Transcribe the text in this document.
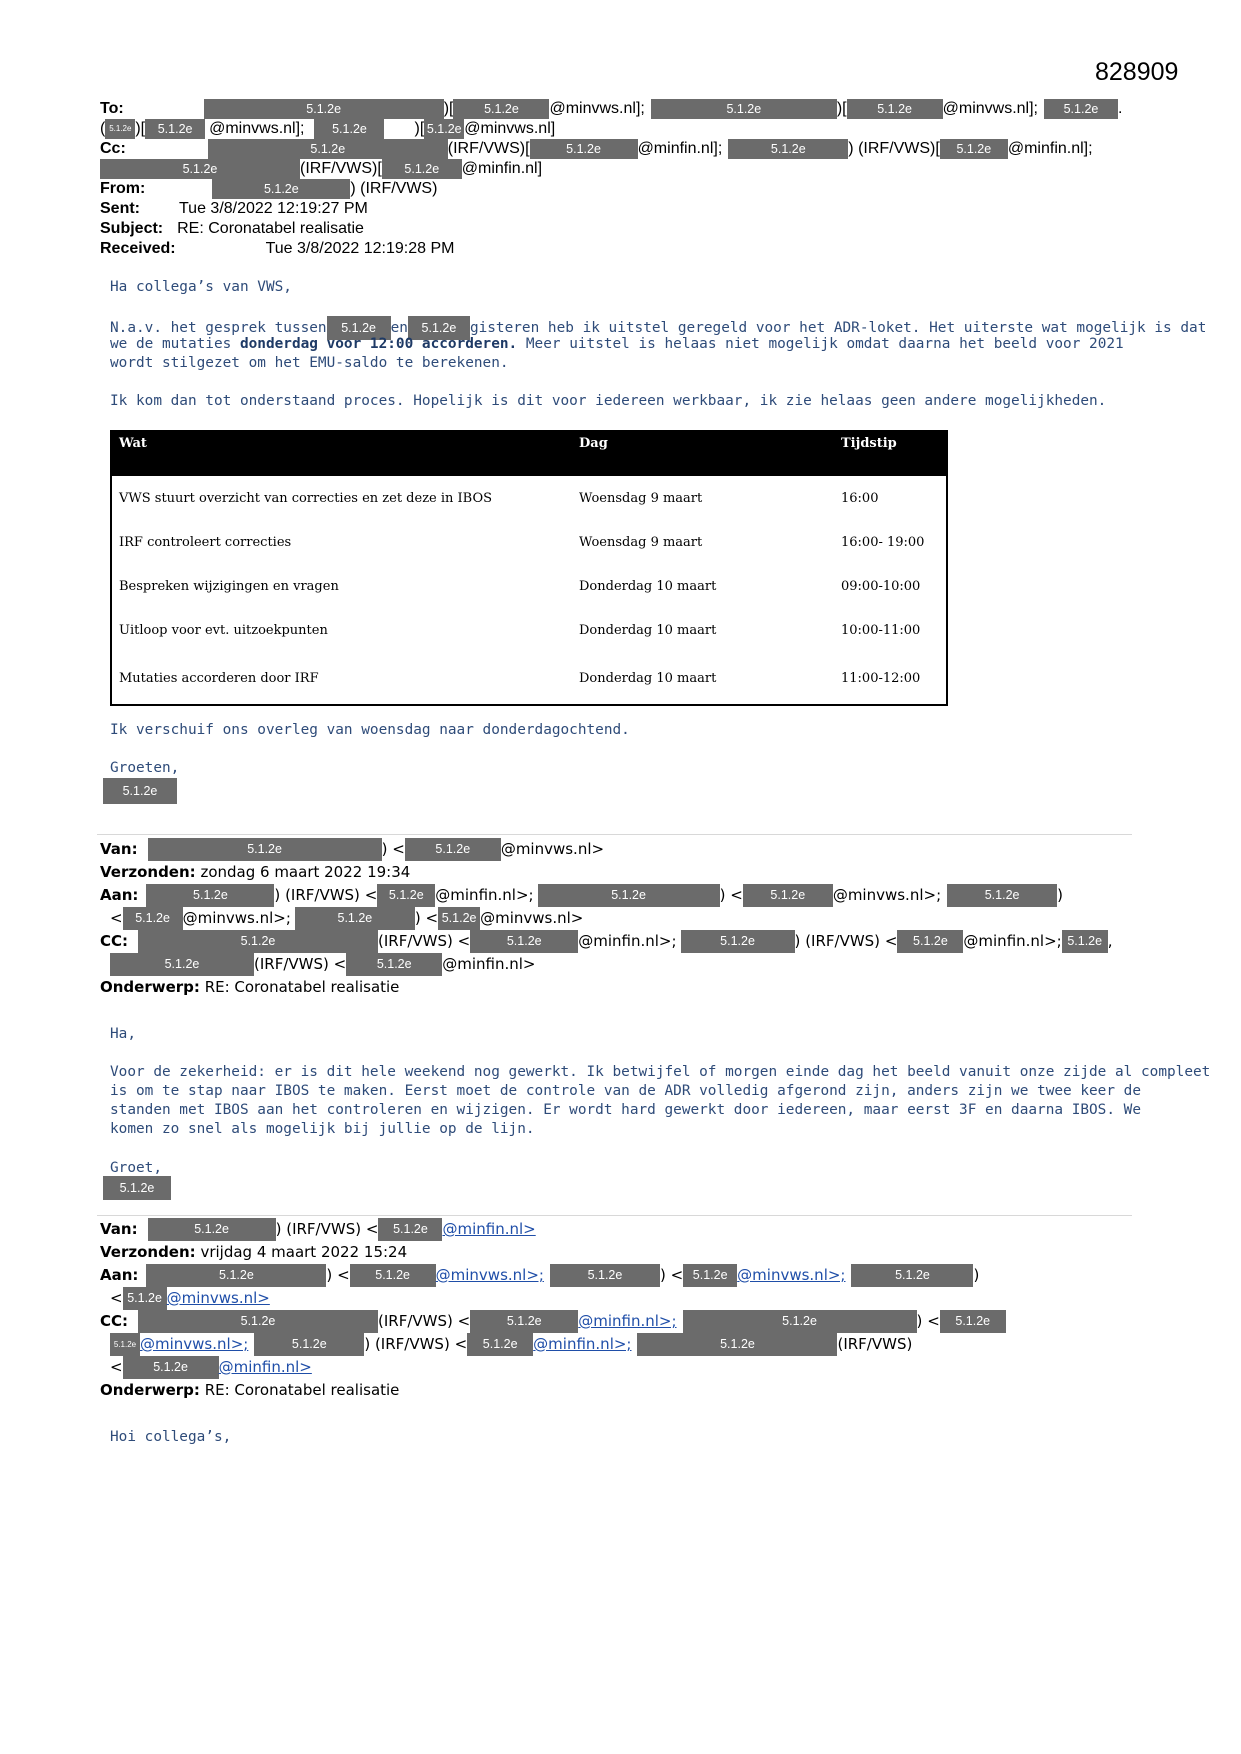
828909
To:	5.1.2e	)[ 5.1.2e @minvws.nl];	5.1.2e	)[ 5.1.2e @minvws.nl]; 5.1.2e .
( 5.1.2e )[ 5.1.2e @minvws.nl]; 5.1.2e	)[ 5.1.2e @minvws.nl]
Cc:	5.1.2e	(IRF/VWS)[	5.1.2e @minfin.nl];	5.1.2e	) (IRF/VWS)[ 5.1.2e @minfin.nl];
5.1.2e	(IRF/VWS)[ 5.1.2e @minfin.nl]
From:	5.1.2e	) (IRF/VWS)
Sent: Tue 3/8/2022 12:19:27 PM
Subject: RE: Coronatabel realisatie
Received:	Tue 3/8/2022 12:19:28 PM
Ha collega’s van VWS,
N.a.v. het gesprek tussen 5.1.2e en 5.1.2e gisteren heb ik uitstel geregeld voor het ADR-loket. Het uiterste wat mogelijk is dat
we de mutaties donderdag voor 12:00 accorderen. Meer uitstel is helaas niet mogelijk omdat daarna het beeld voor 2021
wordt stilgezet om het EMU-saldo te berekenen.
Ik kom dan tot onderstaand proces. Hopelijk is dit voor iedereen werkbaar, ik zie helaas geen andere mogelijkheden.
Wat	Dag	Tijdstip
VWS stuurt overzicht van correcties en zet deze in IBOS	Woensdag 9 maart	16:00
IRF controleert correcties	Woensdag 9 maart	16:00- 19:00
Bespreken wijzigingen en vragen	Donderdag 10 maart	09:00-10:00
Uitloop voor evt. uitzoekpunten	Donderdag 10 maart	10:00-11:00
Mutaties accorderen door IRF	Donderdag 10 maart	11:00-12:00
Ik verschuif ons overleg van woensdag naar donderdagochtend.
Groeten,
5.1.2e
Van:	5.1.2e	) < 5.1.2e @minvws.nl>
Verzonden: zondag 6 maart 2022 19:34
Aan:	5.1.2e	) (IRF/VWS) < 5.1.2e @minfin.nl>;	5.1.2e	) < 5.1.2e @minvws.nl>;	5.1.2e	)
< 5.1.2e @minvws.nl>;	5.1.2e	) < 5.1.2e @minvws.nl>
CC:	5.1.2e	(IRF/VWS) <	5.1.2e @minfin.nl>;	5.1.2e	) (IRF/VWS) < 5.1.2e @minfin.nl>; 5.1.2e ,
5.1.2e	(IRF/VWS) < 5.1.2e @minfin.nl>
Onderwerp: RE: Coronatabel realisatie
Ha,
Voor de zekerheid: er is dit hele weekend nog gewerkt. Ik betwijfel of morgen einde dag het beeld vanuit onze zijde al compleet
is om te stap naar IBOS te maken. Eerst moet de controle van de ADR volledig afgerond zijn, anders zijn we twee keer de
standen met IBOS aan het controleren en wijzigen. Er wordt hard gewerkt door iedereen, maar eerst 3F en daarna IBOS. We
komen zo snel als mogelijk bij jullie op de lijn.
Groet,
5.1.2e
Van:	5.1.2e	) (IRF/VWS) < 5.1.2e @minfin.nl>
Verzonden: vrijdag 4 maart 2022 15:24
Aan:	5.1.2e	) < 5.1.2e @minvws.nl>;	5.1.2e	) < 5.1.2e @minvws.nl>;	5.1.2e	)
< 5.1.2e @minvws.nl>
CC:	5.1.2e	(IRF/VWS) <	5.1.2e @minfin.nl>;	5.1.2e	) < 5.1.2e
5.1.2e @minvws.nl>;	5.1.2e	) (IRF/VWS) < 5.1.2e @minfin.nl>;	5.1.2e	(IRF/VWS)
< 5.1.2e @minfin.nl>
Onderwerp: RE: Coronatabel realisatie
Hoi collega’s,
